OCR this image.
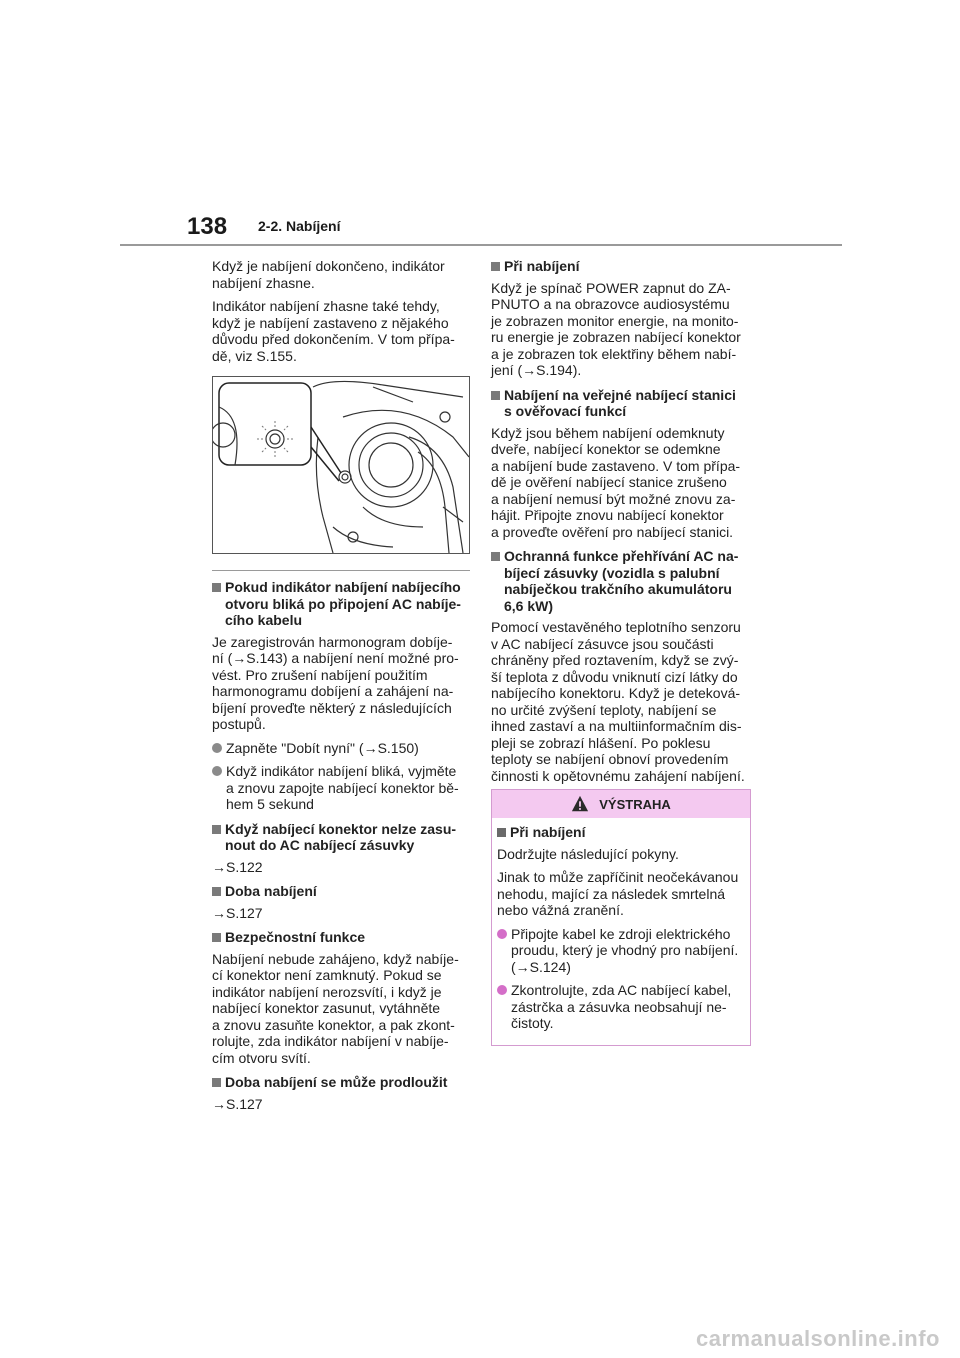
138 2-2. Nabíjení

Když je nabíjení dokončeno, indikátor
nabíjení zhasne.

Indikátor nabíjení zhasne také tehdy,
když je nabíjení zastaveno z nějakého
důvodu před dokončením. V tom přípa-
dě, viz S.155.

Pokud indikátor nabíjení nabíjecího
otvoru bliká po připojení AC nabíje-
cího kabelu

Je zaregistrován harmonogram dobíje-
ní (→S.143) a nabíjení není možné pro-
vést. Pro zrušení nabíjení použitím
harmonogramu dobíjení a zahájení na-
bíjení proveďte některý z následujících
postupů.

Zapněte "Dobít nyní" (→S.150)
Když indikátor nabíjení bliká, vyjměte
a znovu zapojte nabíjecí konektor bě-
hem 5 sekund
Když nabíjecí konektor nelze zasu-
nout do AC nabíjecí zásuvky
→S.122
Doba nabíjení
→S.127
Bezpečnostní funkce

Nabíjení nebude zahájeno, když nabíje-
cí konektor není zamknutý. Pokud se
indikátor nabíjení nerozsvítí, i když je
nabíjecí konektor zasunut, vytáhněte
a znovu zasuňte konektor, a pak zkont-
rolujte, zda indikátor nabíjení v nabíje-
cím otvoru svítí.

Doba nabíjení se může prodloužit
→S.127
Při nabíjení

Když je spínač POWER zapnut do ZA-
PNUTO a na obrazovce audiosystému
je zobrazen monitor energie, na monito-
ru energie je zobrazen nabíjecí konektor
a je zobrazen tok elektřiny během nabí-
jení (→S.194).

Nabíjení na veřejné nabíjecí stanici
s ověřovací funkcí

Když jsou během nabíjení odemknuty
dveře, nabíjecí konektor se odemkne
a nabíjení bude zastaveno. V tom přípa-
dě je ověření nabíjecí stanice zrušeno
a nabíjení nemusí být možné znovu za-
hájit. Připojte znovu nabíjecí konektor
a proveďte ověření pro nabíjecí stanici.

Ochranná funkce přehřívání AC na-
bíjecí zásuvky (vozidla s palubní
nabíječkou trakčního akumulátoru
6,6 kW)

Pomocí vestavěného teplotního senzoru
v AC nabíjecí zásuvce jsou součásti
chráněny před roztavením, když se zvý-
ší teplota z důvodu vniknutí cizí látky do
nabíjecího konektoru. Když je deteková-
no určité zvýšení teploty, nabíjení se
ihned zastaví a na multiinformačním dis-
pleji se zobrazí hlášení. Po poklesu
teploty se nabíjení obnoví provedením
činnosti k opětovnému zahájení nabíjení.

VÝSTRAHA
Při nabíjení

Dodržujte následující pokyny.

Jinak to může zapříčinit neočekávanou
nehodu, mající za následek smrtelná
nebo vážná zranění.

Připojte kabel ke zdroji elektrického
proudu, který je vhodný pro nabíjení.
(→S.124)
Zkontrolujte, zda AC nabíjecí kabel,
zástrčka a zásuvka neobsahují ne-
čistoty.
carmanualsonline.info
